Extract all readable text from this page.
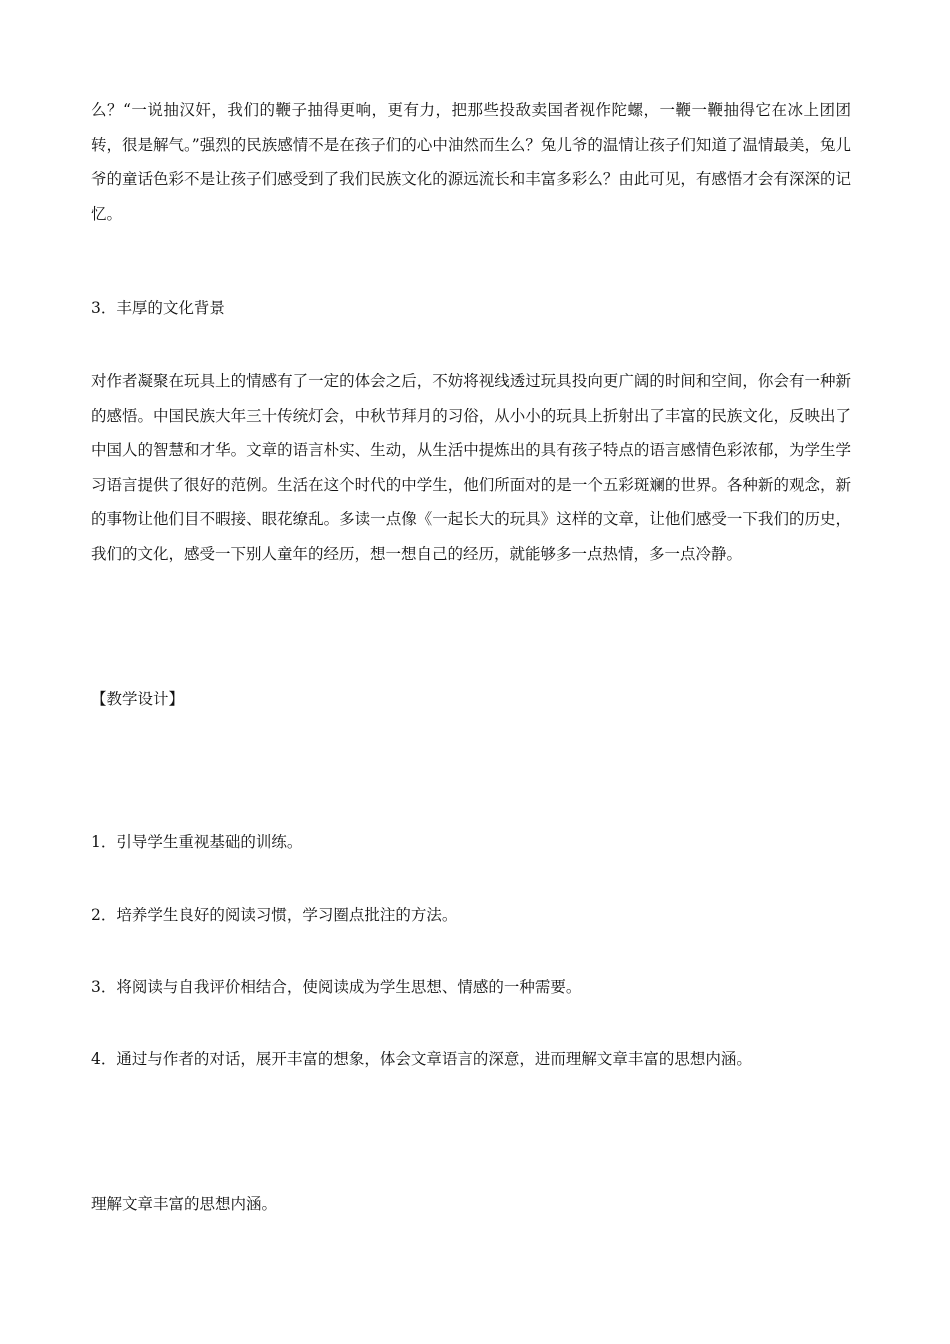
么？“一说抽汉奸，我们的鞭子抽得更响，更有力，把那些投敌卖国者视作陀螺，一鞭一鞭抽得它在冰上团团转，很是解气。”强烈的民族感情不是在孩子们的心中油然而生么？兔儿爷的温情让孩子们知道了温情最美，兔儿爷的童话色彩不是让孩子们感受到了我们民族文化的源远流长和丰富多彩么？由此可见，有感悟才会有深深的记忆。

3．丰厚的文化背景

对作者凝聚在玩具上的情感有了一定的体会之后，不妨将视线透过玩具投向更广阔的时间和空间，你会有一种新的感悟。中国民族大年三十传统灯会，中秋节拜月的习俗，从小小的玩具上折射出了丰富的民族文化，反映出了中国人的智慧和才华。文章的语言朴实、生动，从生活中提炼出的具有孩子特点的语言感情色彩浓郁，为学生学习语言提供了很好的范例。生活在这个时代的中学生，他们所面对的是一个五彩斑斓的世界。各种新的观念，新的事物让他们目不暇接、眼花缭乱。多读一点像《一起长大的玩具》这样的文章，让他们感受一下我们的历史，我们的文化，感受一下别人童年的经历，想一想自己的经历，就能够多一点热情，多一点冷静。

【教学设计】

1．引导学生重视基础的训练。

2．培养学生良好的阅读习惯，学习圈点批注的方法。

3．将阅读与自我评价相结合，使阅读成为学生思想、情感的一种需要。

4．通过与作者的对话，展开丰富的想象，体会文章语言的深意，进而理解文章丰富的思想内涵。

理解文章丰富的思想内涵。
